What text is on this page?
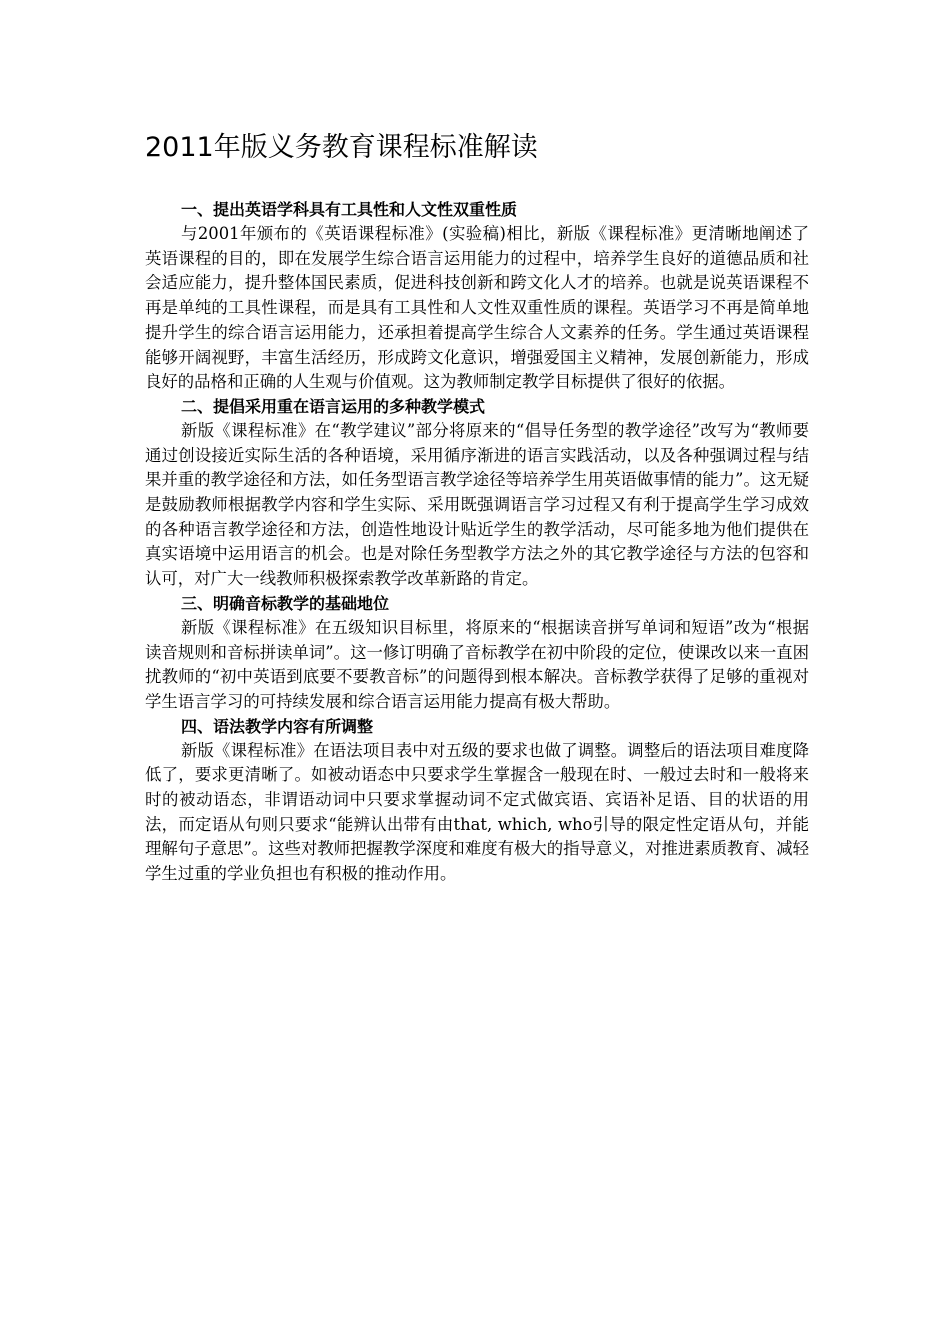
2011年版义务教育课程标准解读

一、提出英语学科具有工具性和人文性双重性质

与2001年颁布的《英语课程标准》(实验稿)相比，新版《课程标准》更清晰地阐述了英语课程的目的，即在发展学生综合语言运用能力的过程中，培养学生良好的道德品质和社会适应能力，提升整体国民素质，促进科技创新和跨文化人才的培养。也就是说英语课程不再是单纯的工具性课程，而是具有工具性和人文性双重性质的课程。英语学习不再是简单地提升学生的综合语言运用能力，还承担着提高学生综合人文素养的任务。学生通过英语课程能够开阔视野，丰富生活经历，形成跨文化意识，增强爱国主义精神，发展创新能力，形成良好的品格和正确的人生观与价值观。这为教师制定教学目标提供了很好的依据。

二、提倡采用重在语言运用的多种教学模式

新版《课程标准》在“教学建议”部分将原来的“倡导任务型的教学途径”改写为“教师要通过创设接近实际生活的各种语境，采用循序渐进的语言实践活动，以及各种强调过程与结果并重的教学途径和方法，如任务型语言教学途径等培养学生用英语做事情的能力”。这无疑是鼓励教师根据教学内容和学生实际、采用既强调语言学习过程又有利于提高学生学习成效的各种语言教学途径和方法，创造性地设计贴近学生的教学活动，尽可能多地为他们提供在真实语境中运用语言的机会。也是对除任务型教学方法之外的其它教学途径与方法的包容和认可，对广大一线教师积极探索教学改革新路的肯定。

三、明确音标教学的基础地位

新版《课程标准》在五级知识目标里，将原来的“根据读音拼写单词和短语”改为“根据读音规则和音标拼读单词”。这一修订明确了音标教学在初中阶段的定位，使课改以来一直困扰教师的“初中英语到底要不要教音标”的问题得到根本解决。音标教学获得了足够的重视对学生语言学习的可持续发展和综合语言运用能力提高有极大帮助。

四、语法教学内容有所调整

新版《课程标准》在语法项目表中对五级的要求也做了调整。调整后的语法项目难度降低了，要求更清晰了。如被动语态中只要求学生掌握含一般现在时、一般过去时和一般将来时的被动语态，非谓语动词中只要求掌握动词不定式做宾语、宾语补足语、目的状语的用法，而定语从句则只要求“能辨认出带有由that, which, who引导的限定性定语从句，并能理解句子意思”。这些对教师把握教学深度和难度有极大的指导意义，对推进素质教育、减轻学生过重的学业负担也有积极的推动作用。
